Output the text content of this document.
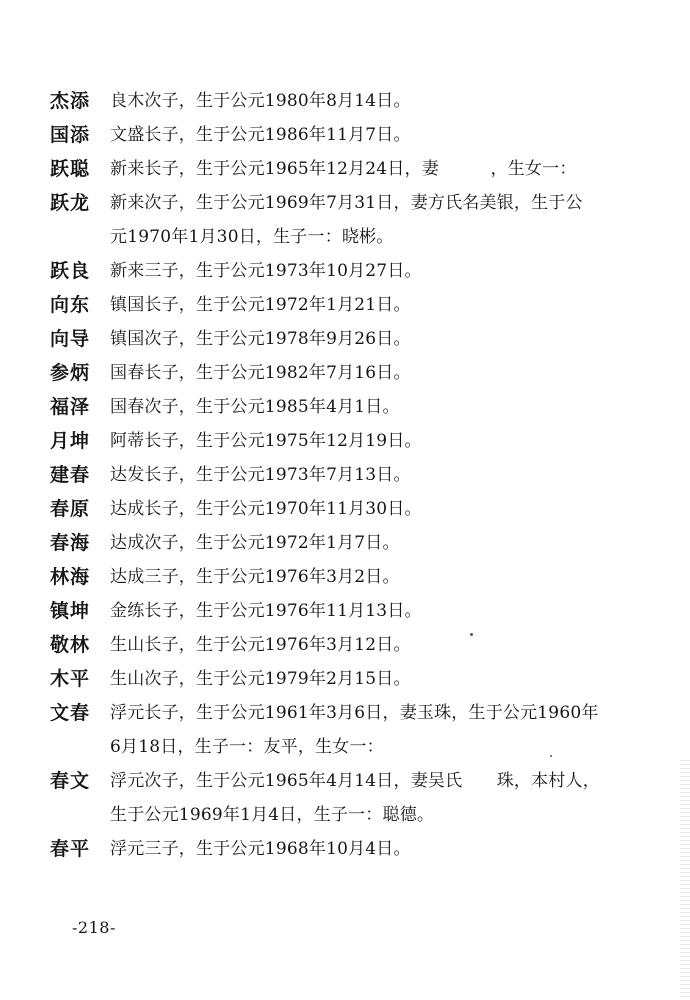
杰添	良木次子，生于公元1980年8月14日。
国添	文盛长子，生于公元1986年11月7日。
跃聪	新来长子，生于公元1965年12月24日，妻　　　，生女一：
跃龙	新来次子，生于公元1969年7月31日，妻方氏名美银，生于公
元1970年1月30日，生子一：晓彬。
跃良	新来三子，生于公元1973年10月27日。
向东	镇国长子，生于公元1972年1月21日。
向导	镇国次子，生于公元1978年9月26日。
参炳	国春长子，生于公元1982年7月16日。
福泽	国春次子，生于公元1985年4月1日。
月坤	阿蒂长子，生于公元1975年12月19日。
建春	达发长子，生于公元1973年7月13日。
春原	达成长子，生于公元1970年11月30日。
春海	达成次子，生于公元1972年1月7日。
林海	达成三子，生于公元1976年3月2日。
镇坤	金练长子，生于公元1976年11月13日。
敬林	生山长子，生于公元1976年3月12日。
木平	生山次子，生于公元1979年2月15日。
文春	浮元长子，生于公元1961年3月6日，妻玉珠，生于公元1960年
6月18日，生子一：友平，生女一：
春文	浮元次子，生于公元1965年4月14日，妻吴氏　　珠，本村人，
生于公元1969年1月4日，生子一：聪德。
春平	浮元三子，生于公元1968年10月4日。
-218-
